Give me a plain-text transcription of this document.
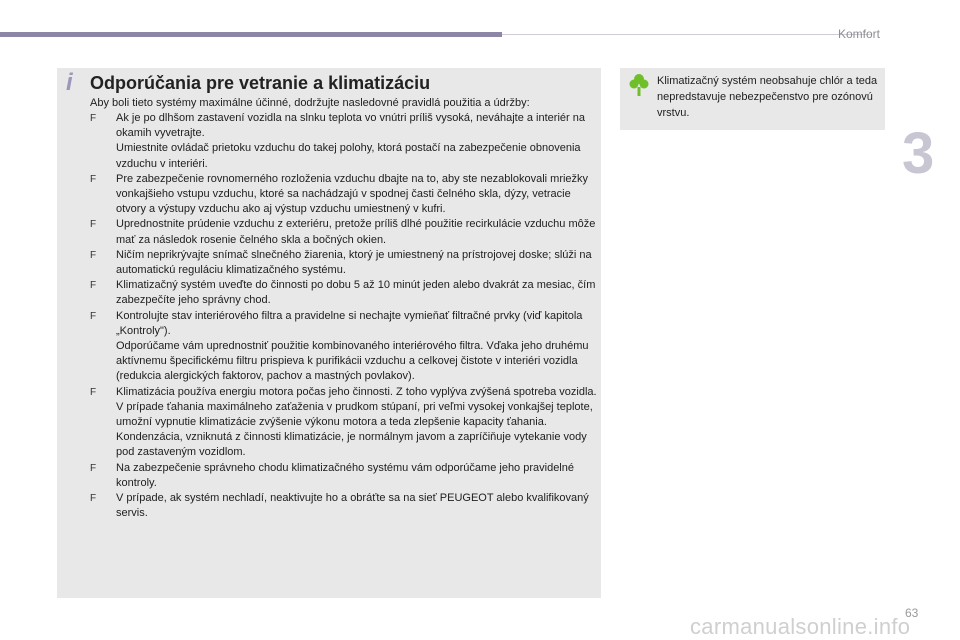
Komfort
3
i Odporúčania pre vetranie a klimatizáciu
Aby boli tieto systémy maximálne účinné, dodržujte nasledovné pravidlá použitia a údržby:
F Ak je po dlhšom zastavení vozidla na slnku teplota vo vnútri príliš vysoká, neváhajte a interiér na okamih vyvetrajte.

Umiestnite ovládač prietoku vzduchu do takej polohy, ktorá postačí na zabezpečenie obnovenia vzduchu v interiéri.

F Pre zabezpečenie rovnomerného rozloženia vzduchu dbajte na to, aby ste nezablokovali mriežky vonkajšieho vstupu vzduchu, ktoré sa nachádzajú v spodnej časti čelného skla, dýzy, vetracie otvory a výstupy vzduchu ako aj výstup vzduchu umiestnený v kufri.

F Uprednostnite prúdenie vzduchu z exteriéru, pretože príliš dlhé použitie recirkulácie vzduchu môže mať za následok rosenie čelného skla a bočných okien.

F Ničím neprikrývajte snímač slnečného žiarenia, ktorý je umiestnený na prístrojovej doske; slúži na automatickú reguláciu klimatizačného systému.

F Klimatizačný systém uveďte do činnosti po dobu 5 až 10 minút jeden alebo dvakrát za mesiac, čím zabezpečíte jeho správny chod.

F Kontrolujte stav interiérového filtra a pravidelne si nechajte vymieňať filtračné prvky (viď kapitola „Kontroly").

Odporúčame vám uprednostniť použitie kombinovaného interiérového filtra. Vďaka jeho druhému aktívnemu špecifickému filtru prispieva k purifikácii vzduchu a celkovej čistote v interiéri vozidla (redukcia alergických faktorov, pachov a mastných povlakov).

F Klimatizácia používa energiu motora počas jeho činnosti. Z toho vyplýva zvýšená spotreba vozidla.

V prípade ťahania maximálneho zaťaženia v prudkom stúpaní, pri veľmi vysokej vonkajšej teplote, umožní vypnutie klimatizácie zvýšenie výkonu motora a teda zlepšenie kapacity ťahania.

Kondenzácia, vzniknutá z činnosti klimatizácie, je normálnym javom a zapríčiňuje vytekanie vody pod zastaveným vozidlom.

F Na zabezpečenie správneho chodu klimatizačného systému vám odporúčame jeho pravidelné kontroly.

F V prípade, ak systém nechladí, neaktivujte ho a obráťte sa na sieť PEUGEOT alebo kvalifikovaný servis.

Klimatizačný systém neobsahuje chlór a teda nepredstavuje nebezpečenstvo pre ozónovú vrstvu.
63
carmanualsonline.info
